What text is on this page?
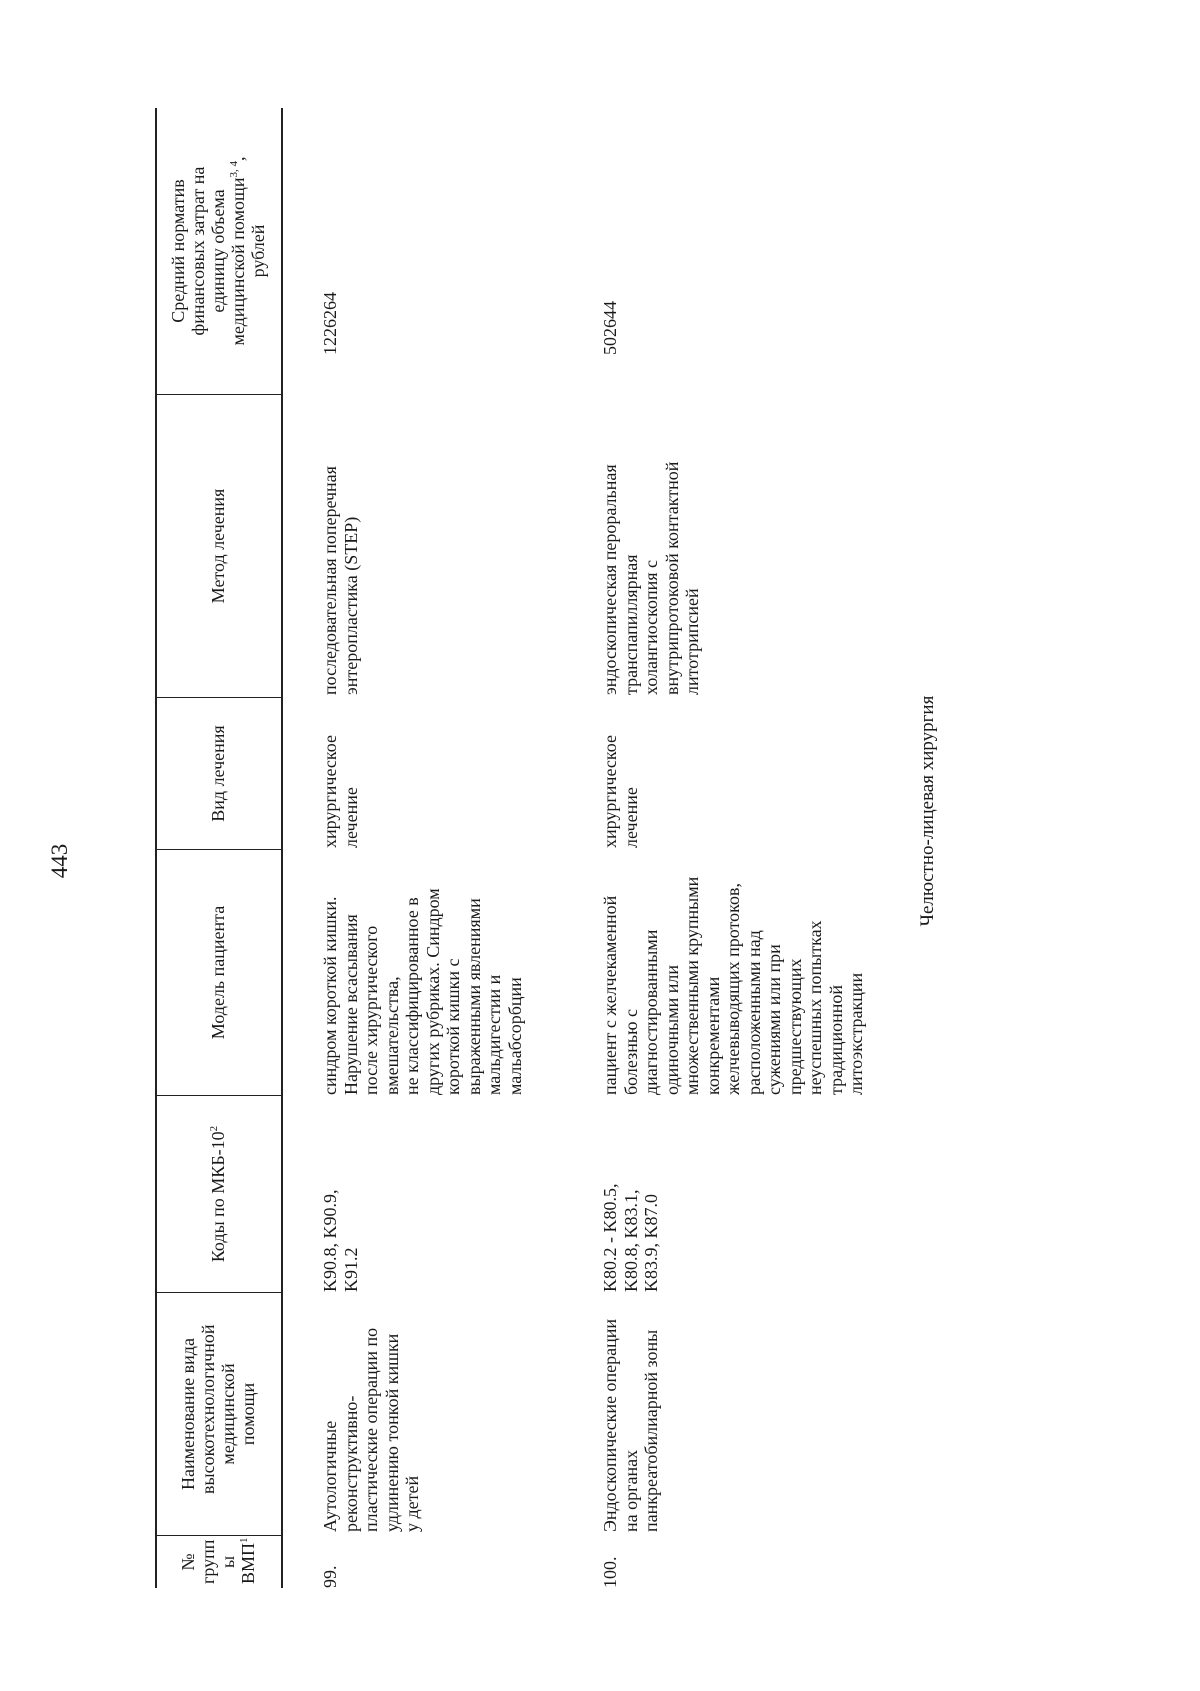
443
№ групп ы ВМП$^1$
Наименование вида высокотехнологичной медицинской помощи
Коды по МКБ-$10^2$
Модель пациента
Вид лечения
Метод лечения
Средний норматив финансовых затрат на единицу объема медицинской помощи$^{3, 4}$, рублей
99.
Аутологичные
реконструктивно-
пластические операции по
удлинению тонкой кишки
у детей
K90.8, K90.9,
K91.2
синдром короткой кишки.
Нарушение всасывания
после хирургического
вмешательства,
не классифицированное в
других рубриках. Синдром
короткой кишки с
выраженными явлениями
мальдигестии и
мальабсорбции
хирургическое
лечение
последовательная поперечная
энтеропластика (STEP)
1226264
100.
Эндоскопические операции
на органах
панкреатобилиарной зоны
K80.2 - K80.5,
K80.8, K83.1,
K83.9, K87.0
пациент с желчекаменной
болезнью с
диагностированными
одиночными или
множественными крупными
конкрементами
желчевыводящих протоков,
расположенными над
сужениями или при
предшествующих
неуспешных попытках
традиционной
литоэкстракции
хирургическое
лечение
эндоскопическая пероральная
транспапиллярная
холангиоскопия с
внутрипротоковой контактной
литотрипсией
502644
Челюстно-лицевая хирургия
